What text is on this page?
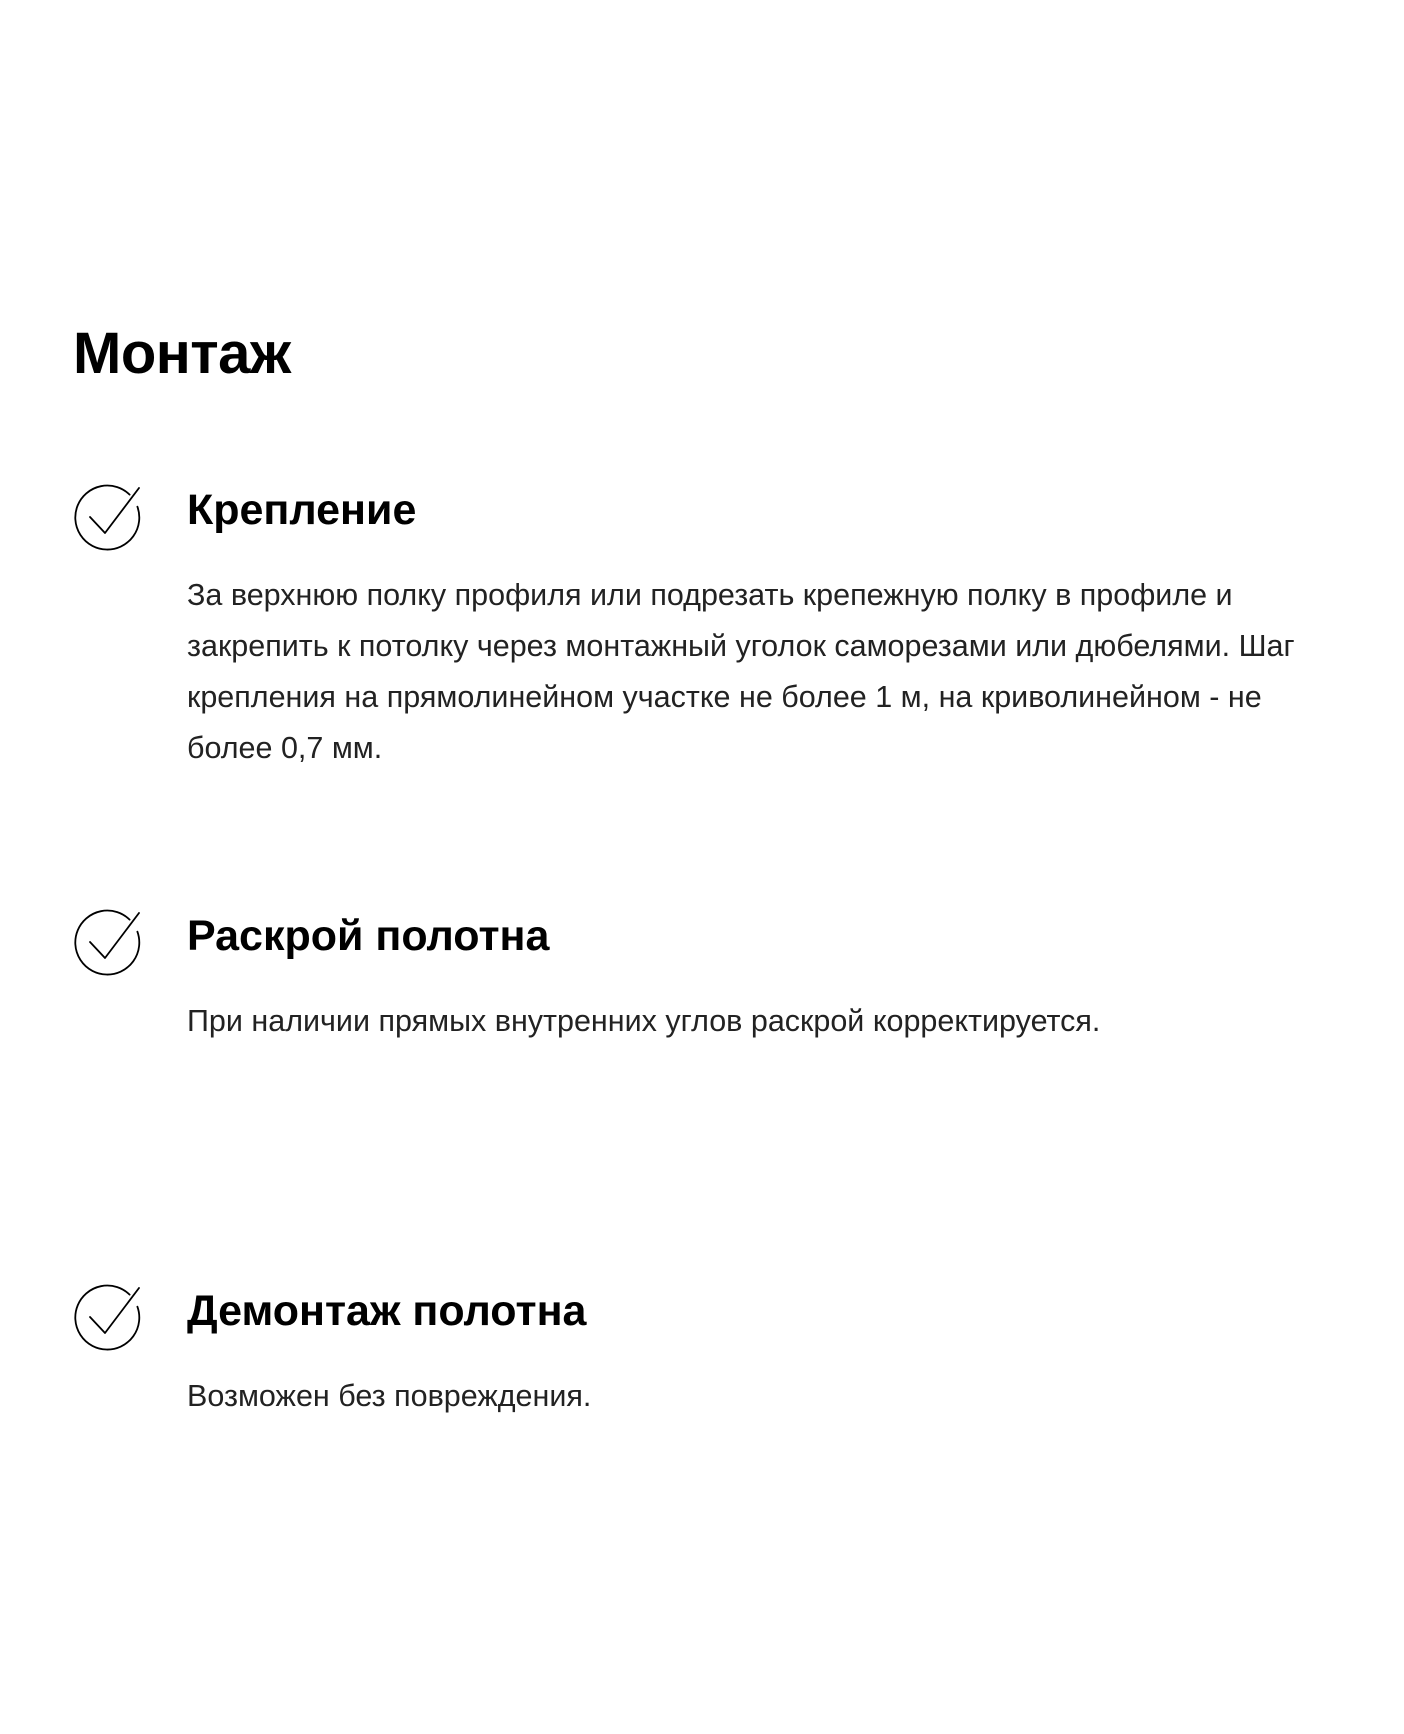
Монтаж
Крепление

За верхнюю полку профиля или подрезать крепежную полку в профиле и закрепить к потолку через монтажный уголок саморезами или дюбелями. Шаг крепления на прямолинейном участке не более 1 м, на криволинейном - не более 0,7 мм.

Раскрой полотна

При наличии прямых внутренних углов раскрой корректируется.

Демонтаж полотна

Возможен без повреждения.
